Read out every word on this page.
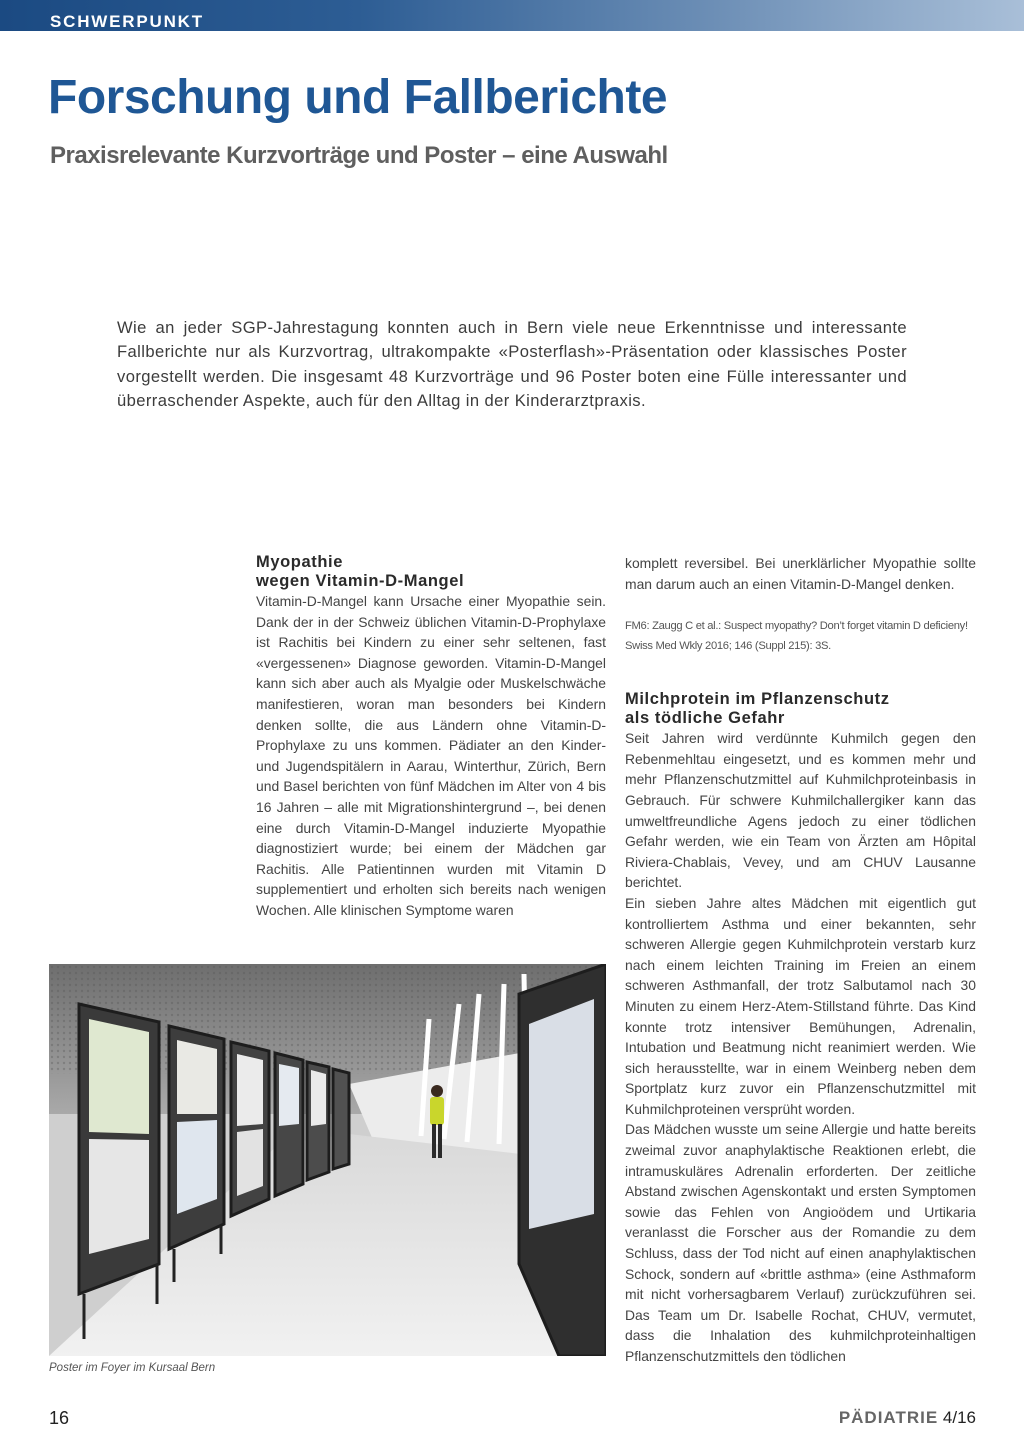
SCHWERPUNKT
Forschung und Fallberichte
Praxisrelevante Kurzvorträge und Poster – eine Auswahl

Wie an jeder SGP-Jahrestagung konnten auch in Bern viele neue Erkenntnisse und interessante Fallberichte nur als Kurzvortrag, ultrakompakte «Posterflash»-Präsentation oder klassisches Poster vorgestellt werden. Die insgesamt 48 Kurzvorträge und 96 Poster boten eine Fülle interessanter und überraschender Aspekte, auch für den Alltag in der Kinderarztpraxis.

Myopathie
wegen Vitamin-D-Mangel

Vitamin-D-Mangel kann Ursache einer Myopathie sein. Dank der in der Schweiz üblichen Vitamin-D-Prophylaxe ist Rachitis bei Kindern zu einer sehr seltenen, fast «vergessenen» Diagnose geworden. Vitamin-D-Mangel kann sich aber auch als Myalgie oder Muskelschwäche manifestieren, woran man besonders bei Kindern denken sollte, die aus Ländern ohne Vitamin-D-Prophylaxe zu uns kommen. Pädiater an den Kinder- und Jugendspitälern in Aarau, Winterthur, Zürich, Bern und Basel berichten von fünf Mädchen im Alter von 4 bis 16 Jahren – alle mit Migrationshintergrund –, bei denen eine durch Vitamin-D-Mangel induzierte Myopathie diagnostiziert wurde; bei einem der Mädchen gar Rachitis. Alle Patientinnen wurden mit Vitamin D supplementiert und erholten sich bereits nach wenigen Wochen. Alle klinischen Symptome waren

komplett reversibel. Bei unerklärlicher Myopathie sollte man darum auch an einen Vitamin-D-Mangel denken.

FM6: Zaugg C et al.: Suspect myopathy? Don’t forget vitamin D deficieny! Swiss Med Wkly 2016; 146 (Suppl 215): 3S.

Milchprotein im Pflanzenschutz
als tödliche Gefahr

Seit Jahren wird verdünnte Kuhmilch gegen den Rebenmehltau eingesetzt, und es kommen mehr und mehr Pflanzenschutzmittel auf Kuhmilchproteinbasis in Gebrauch. Für schwere Kuhmilchallergiker kann das umweltfreundliche Agens jedoch zu einer tödlichen Gefahr werden, wie ein Team von Ärzten am Hôpital Riviera-Chablais, Vevey, und am CHUV Lausanne berichtet.

Ein sieben Jahre altes Mädchen mit eigentlich gut kontrolliertem Asthma und einer bekannten, sehr schweren Allergie gegen Kuhmilchprotein verstarb kurz nach einem leichten Training im Freien an einem schweren Asthmanfall, der trotz Salbutamol nach 30 Minuten zu einem Herz-Atem-Stillstand führte. Das Kind konnte trotz intensiver Bemühungen, Adrenalin, Intubation und Beatmung nicht reanimiert werden. Wie sich herausstellte, war in einem Weinberg neben dem Sportplatz kurz zuvor ein Pflanzenschutzmittel mit Kuhmilchproteinen versprüht worden.

Das Mädchen wusste um seine Allergie und hatte bereits zweimal zuvor anaphylaktische Reaktionen erlebt, die intramuskuläres Adrenalin erforderten. Der zeitliche Abstand zwischen Agenskontakt und ersten Symptomen sowie das Fehlen von Angioödem und Urtikaria veranlasst die Forscher aus der Romandie zu dem Schluss, dass der Tod nicht auf einen anaphylaktischen Schock, sondern auf «brittle asthma» (eine Asthmaform mit nicht vorhersagbarem Verlauf) zurückzuführen sei. Das Team um Dr. Isabelle Rochat, CHUV, vermutet, dass die Inhalation des kuhmilchproteinhaltigen Pflanzenschutzmittels den tödlichen

Poster im Foyer im Kursaal Bern
16	PÄDIATRIE 4/16
